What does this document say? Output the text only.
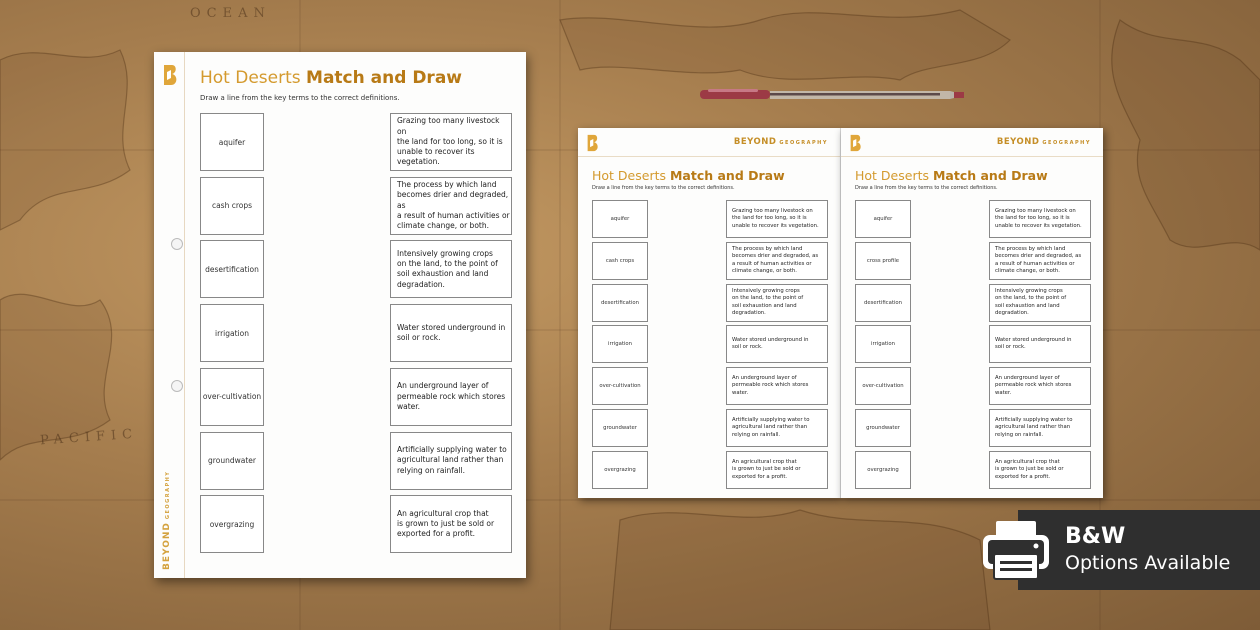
OCEAN
PACIFIC
BEYONDGEOGRAPHY
Hot Deserts Match and Draw
Draw a line from the key terms to the correct definitions.
aquifer
Grazing too many livestock on
the land for too long, so it is
unable to recover its vegetation.
cash crops
The process by which land
becomes drier and degraded, as
a result of human activities or
climate change, or both.
desertification
Intensively growing crops
on the land, to the point of
soil exhaustion and land
degradation.
irrigation
Water stored underground in
soil or rock.
over-cultivation
An underground layer of
permeable rock which stores
water.
groundwater
Artificially supplying water to
agricultural land rather than
relying on rainfall.
overgrazing
An agricultural crop that
is grown to just be sold or
exported for a profit.
BEYOND GEOGRAPHY
Hot Deserts Match and Draw
Draw a line from the key terms to the correct definitions.
aquifer
Grazing too many livestock on
the land for too long, so it is
unable to recover its vegetation.
cash crops
The process by which land
becomes drier and degraded, as
a result of human activities or
climate change, or both.
desertification
Intensively growing crops
on the land, to the point of
soil exhaustion and land
degradation.
irrigation
Water stored underground in
soil or rock.
over-cultivation
An underground layer of
permeable rock which stores
water.
groundwater
Artificially supplying water to
agricultural land rather than
relying on rainfall.
overgrazing
An agricultural crop that
is grown to just be sold or
exported for a profit.
BEYOND GEOGRAPHY
Hot Deserts Match and Draw
Draw a line from the key terms to the correct definitions.
aquifer
Grazing too many livestock on
the land for too long, so it is
unable to recover its vegetation.
cross profile
The process by which land
becomes drier and degraded, as
a result of human activities or
climate change, or both.
desertification
Intensively growing crops
on the land, to the point of
soil exhaustion and land
degradation.
irrigation
Water stored underground in
soil or rock.
over-cultivation
An underground layer of
permeable rock which stores
water.
groundwater
Artificially supplying water to
agricultural land rather than
relying on rainfall.
overgrazing
An agricultural crop that
is grown to just be sold or
exported for a profit.
B&W
Options Available
